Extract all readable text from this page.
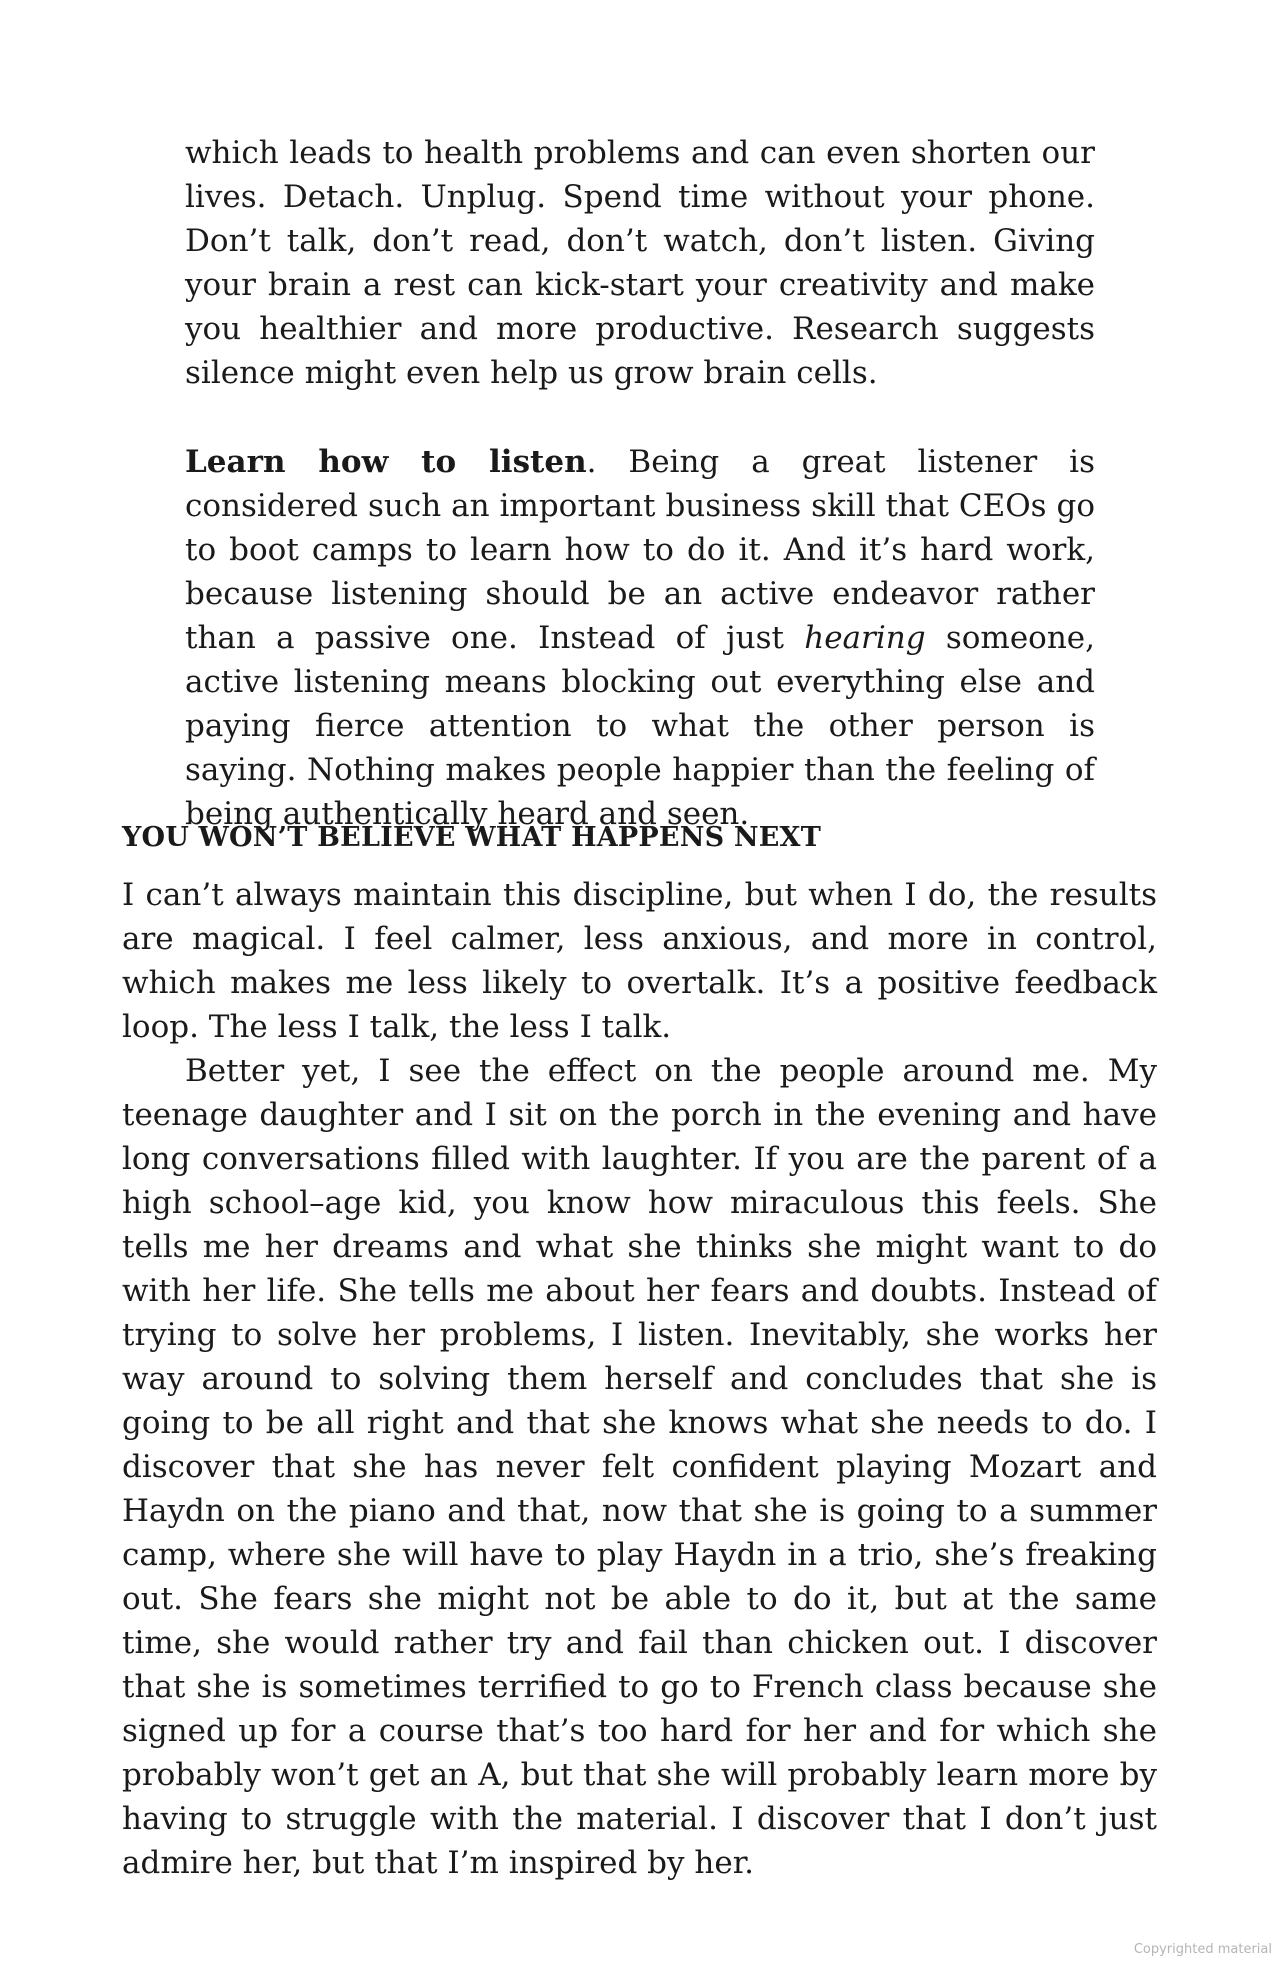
which leads to health problems and can even shorten our lives. Detach. Unplug. Spend time without your phone. Don’t talk, don’t read, don’t watch, don’t listen. Giving your brain a rest can kick-start your creativity and make you healthier and more productive. Research suggests silence might even help us grow brain cells.

Learn how to listen. Being a great listener is considered such an important business skill that CEOs go to boot camps to learn how to do it. And it’s hard work, because listening should be an active endeavor rather than a passive one. Instead of just hearing someone, active listening means blocking out everything else and paying fierce attention to what the other person is saying. Nothing makes people happier than the feeling of being authentically heard and seen.

YOU WON’T BELIEVE WHAT HAPPENS NEXT

I can’t always maintain this discipline, but when I do, the results are magical. I feel calmer, less anxious, and more in control, which makes me less likely to overtalk. It’s a positive feedback loop. The less I talk, the less I talk.

Better yet, I see the effect on the people around me. My teenage daughter and I sit on the porch in the evening and have long conversations filled with laughter. If you are the parent of a high school–age kid, you know how miraculous this feels. She tells me her dreams and what she thinks she might want to do with her life. She tells me about her fears and doubts. Instead of trying to solve her problems, I listen. Inevitably, she works her way around to solving them herself and concludes that she is going to be all right and that she knows what she needs to do. I discover that she has never felt confident playing Mozart and Haydn on the piano and that, now that she is going to a summer camp, where she will have to play Haydn in a trio, she’s freaking out. She fears she might not be able to do it, but at the same time, she would rather try and fail than chicken out. I discover that she is sometimes terrified to go to French class because she signed up for a course that’s too hard for her and for which she probably won’t get an A, but that she will probably learn more by having to struggle with the material. I discover that I don’t just admire her, but that I’m inspired by her.

Copyrighted material
